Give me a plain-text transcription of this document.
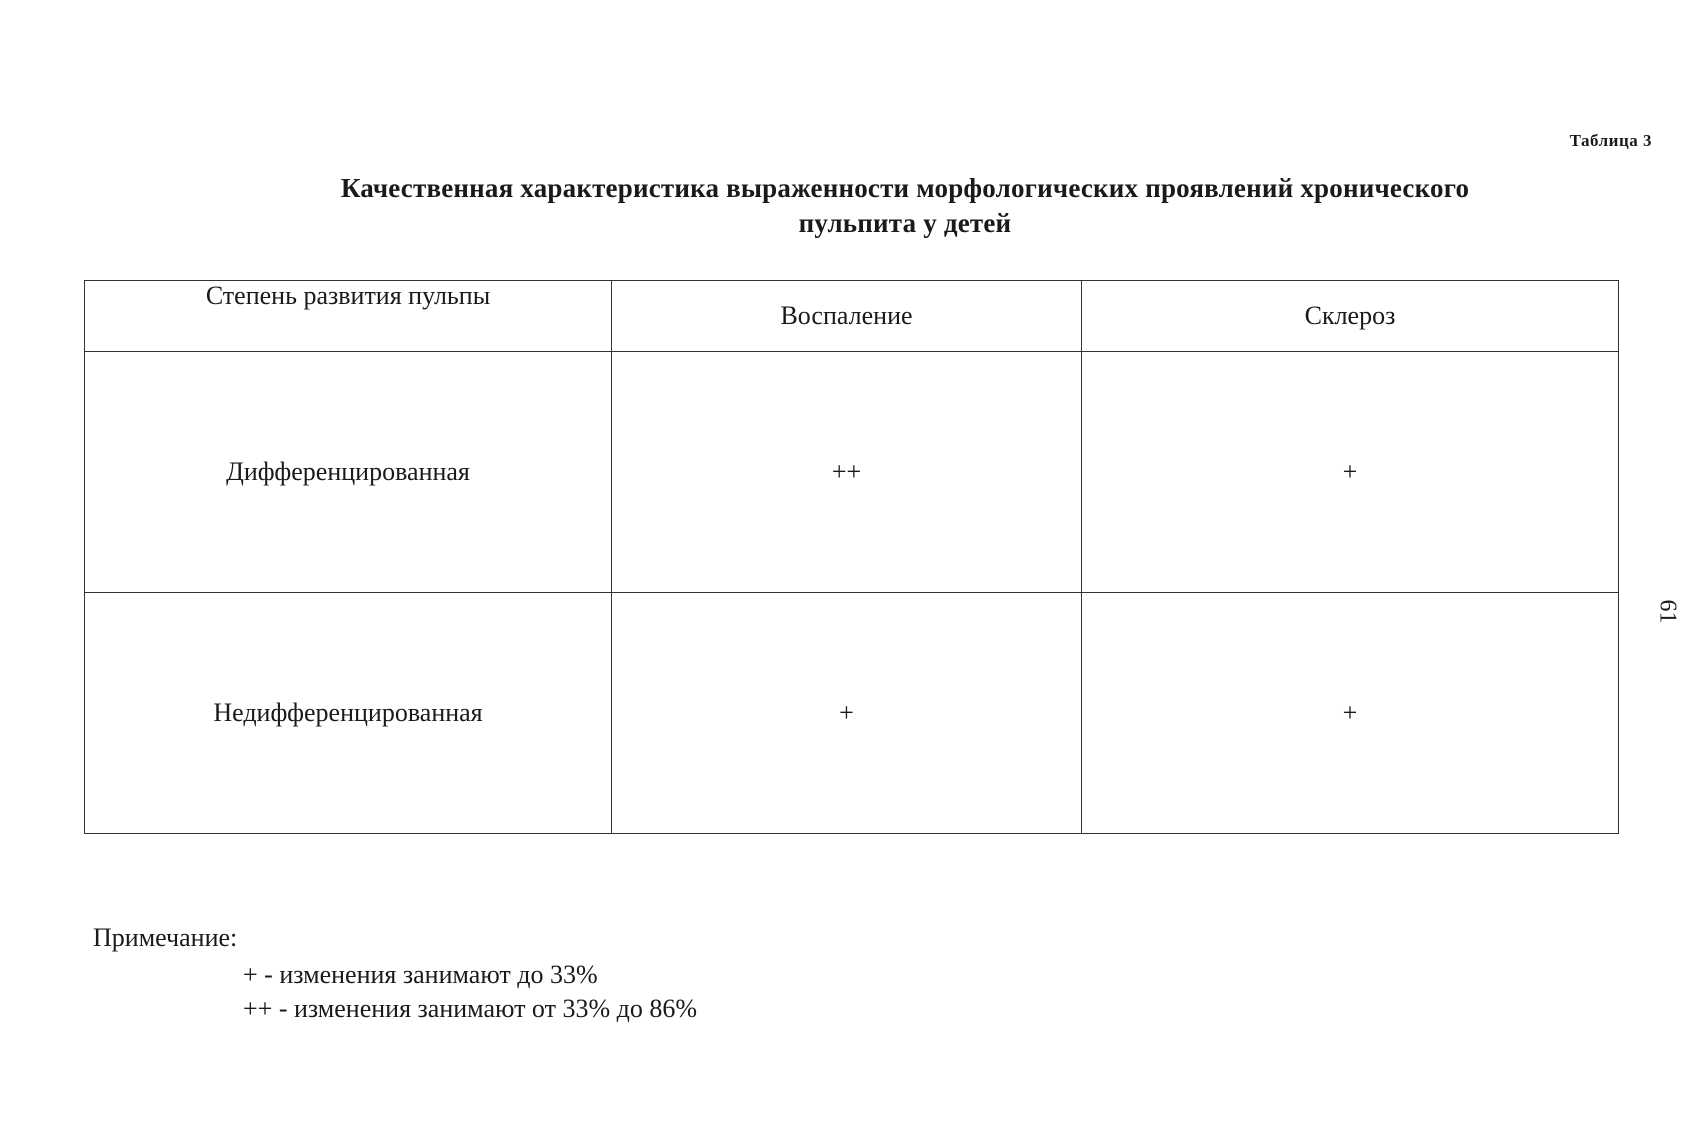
Таблица 3
Качественная характеристика выраженности морфологических проявлений хронического
пульпита у детей
Степень развития пульпы	Воспаление	Склероз
Дифференцированная	++	+
Недифференцированная	+	+
Примечание:
+ - изменения занимают до 33%
++ - изменения занимают от 33% до 86%
61
